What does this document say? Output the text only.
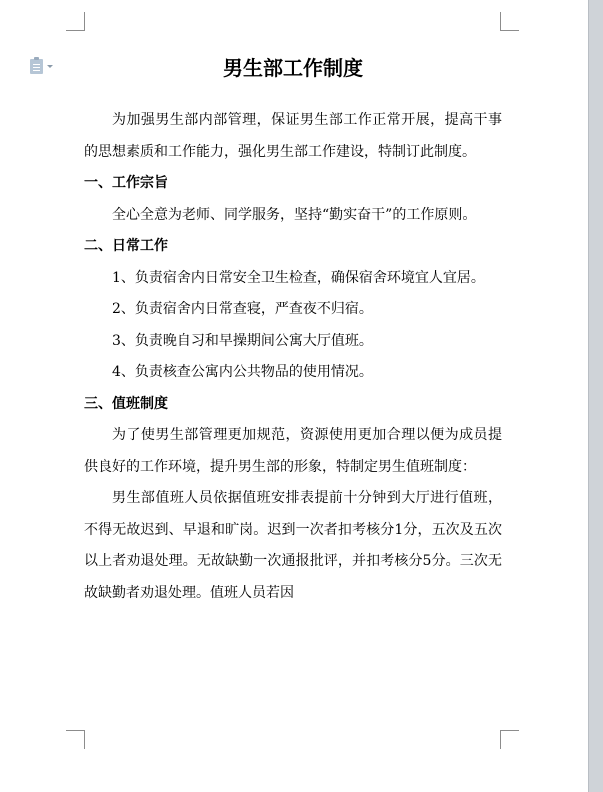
男生部工作制度

为加强男生部内部管理，保证男生部工作正常开展，提高干事的思想素质和工作能力，强化男生部工作建设，特制订此制度。

一、工作宗旨

全心全意为老师、同学服务，坚持“勤实奋干”的工作原则。

二、日常工作

1、负责宿舍内日常安全卫生检查，确保宿舍环境宜人宜居。

2、负责宿舍内日常查寝，严查夜不归宿。

3、负责晚自习和早操期间公寓大厅值班。

4、负责核查公寓内公共物品的使用情况。

三、值班制度

为了使男生部管理更加规范，资源使用更加合理以便为成员提供良好的工作环境，提升男生部的形象，特制定男生值班制度：

男生部值班人员依据值班安排表提前十分钟到大厅进行值班，不得无故迟到、早退和旷岗。迟到一次者扣考核分1分，五次及五次以上者劝退处理。无故缺勤一次通报批评，并扣考核分5分。三次无故缺勤者劝退处理。值班人员若因
